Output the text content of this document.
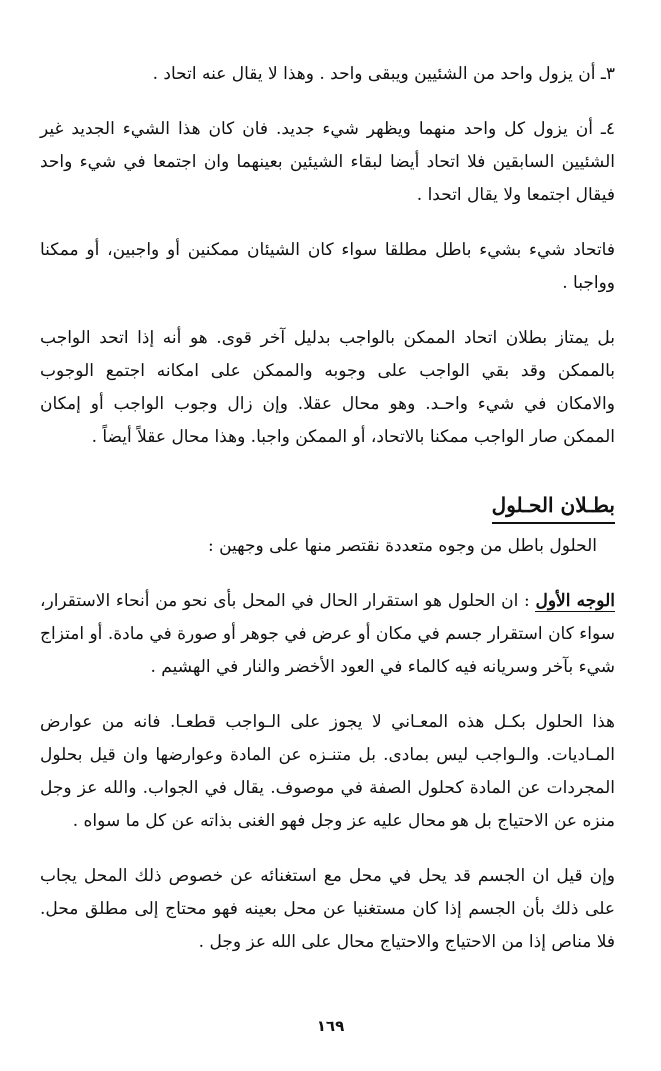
٣ـ أن يزول واحد من الشئيين ويبقى واحد . وهذا لا يقال عنه اتحاد .

٤ـ أن يزول كل واحد منهما ويظهر شيء جديد. فان كان هذا الشيء الجديد غير الشئيين السابقين فلا اتحاد أيضا لبقاء الشيئين بعينهما وان اجتمعا في شيء واحد فيقال اجتمعا ولا يقال اتحدا .

فاتحاد شيء بشيء باطل مطلقا سواء كان الشيئان ممكنين أو واجبين، أو ممكنا وواجبا .

بل يمتاز بطلان اتحاد الممكن بالواجب بدليل آخر قوى. هو أنه إذا اتحد الواجب بالممكن وقد بقي الواجب على وجوبه والممكن على امكانه اجتمع الوجوب والامكان في شيء واحـد. وهو محال عقلا. وإن زال وجوب الواجب أو إمكان الممكن صار الواجب ممكنا بالاتحاد، أو الممكن واجبا. وهذا محال عقلاً أيضاً .

بطـلان الحـلول

الحلول باطل من وجوه متعددة نقتصر منها على وجهين :

الوجه الأول : ان الحلول هو استقرار الحال في المحل بأى نحو من أنحاء الاستقرار، سواء كان استقرار جسم في مكان أو عرض في جوهر أو صورة في مادة. أو امتزاج شيء بآخر وسريانه فيه كالماء في العود الأخضر والنار في الهشيم .

هذا الحلول بكـل هذه المعـاني لا يجوز على الـواجب قطعـا. فانه من عوارض المـاديات. والـواجب ليس بمادى. بل متنـزه عن المادة وعوارضها وان قيل بحلول المجردات عن المادة كحلول الصفة في موصوف. يقال في الجواب. والله عز وجل منزه عن الاحتياج بل هو محال عليه عز وجل فهو الغنى بذاته عن كل ما سواه .

وإن قيل ان الجسم قد يحل في محل مع استغنائه عن خصوص ذلك المحل يجاب على ذلك بأن الجسم إذا كان مستغنيا عن محل بعينه فهو محتاج إلى مطلق محل. فلا مناص إذا من الاحتياج والاحتياج محال على الله عز وجل .

١٦٩
